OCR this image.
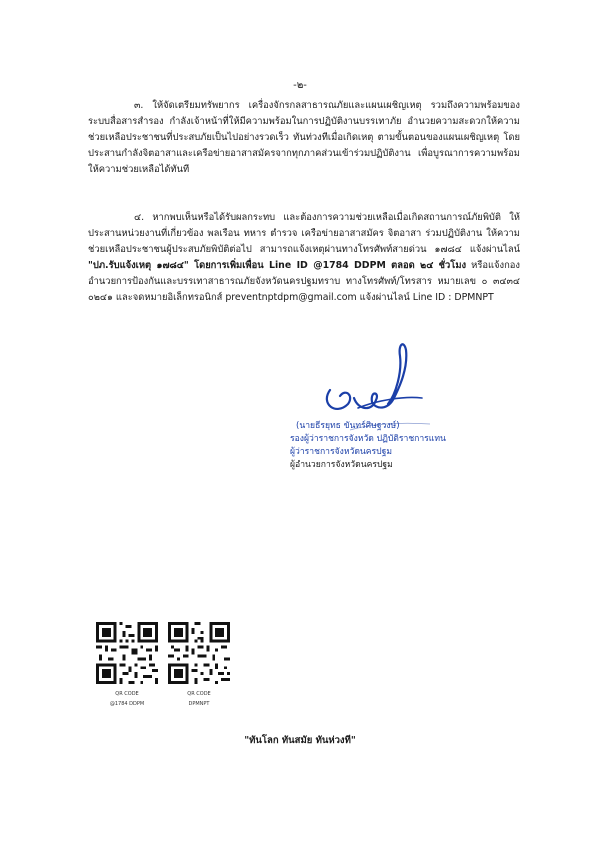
-๒-
๓. ให้จัดเตรียมทรัพยากร เครื่องจักรกลสาธารณภัยและแผนเผชิญเหตุ รวมถึงความพร้อมของระบบสื่อสารสำรอง กำลังเจ้าหน้าที่ให้มีความพร้อมในการปฏิบัติงานบรรเทาภัย อำนวยความสะดวกให้ความช่วยเหลือประชาชนที่ประสบภัยเป็นไปอย่างรวดเร็ว ทันท่วงทีเมื่อเกิดเหตุ ตามขั้นตอนของแผนเผชิญเหตุ โดยประสานกำลังจิตอาสาและเครือข่ายอาสาสมัครจากทุกภาคส่วนเข้าร่วมปฏิบัติงาน เพื่อบูรณาการความพร้อมให้ความช่วยเหลือได้ทันที
๔. หากพบเห็นหรือได้รับผลกระทบ และต้องการความช่วยเหลือเมื่อเกิดสถานการณ์ภัยพิบัติ ให้ประสานหน่วยงานที่เกี่ยวข้อง พลเรือน ทหาร ตำรวจ เครือข่ายอาสาสมัคร จิตอาสา ร่วมปฏิบัติงาน ให้ความช่วยเหลือประชาชนผู้ประสบภัยพิบัติต่อไป สามารถแจ้งเหตุผ่านทางโทรศัพท์สายด่วน ๑๗๘๔ แจ้งผ่านไลน์ "ปภ.รับแจ้งเหตุ ๑๗๘๔" โดยการเพิ่มเพื่อน Line ID @1784 DDPM ตลอด ๒๔ ชั่วโมง หรือแจ้งกองอำนวยการป้องกันและบรรเทาสาธารณภัยจังหวัดนครปฐมทราบ ทางโทรศัพท์/โทรสาร หมายเลข ๐ ๓๔๓๔ ๐๒๔๑ และจดหมายอิเล็กทรอนิกส์ preventnptdpm@gmail.com แจ้งผ่านไลน์ Line ID : DPMNPT
(นายธีรยุทธ ขันทร์ศิษฐวงษ์)
รองผู้ว่าราชการจังหวัด ปฏิบัติราชการแทน
ผู้ว่าราชการจังหวัดนครปฐม
ผู้อำนวยการจังหวัดนครปฐม
QR CODE
@1784 DDPM
QR CODE
DPMNPT
"ทันโลก ทันสมัย ทันห่วงที"
